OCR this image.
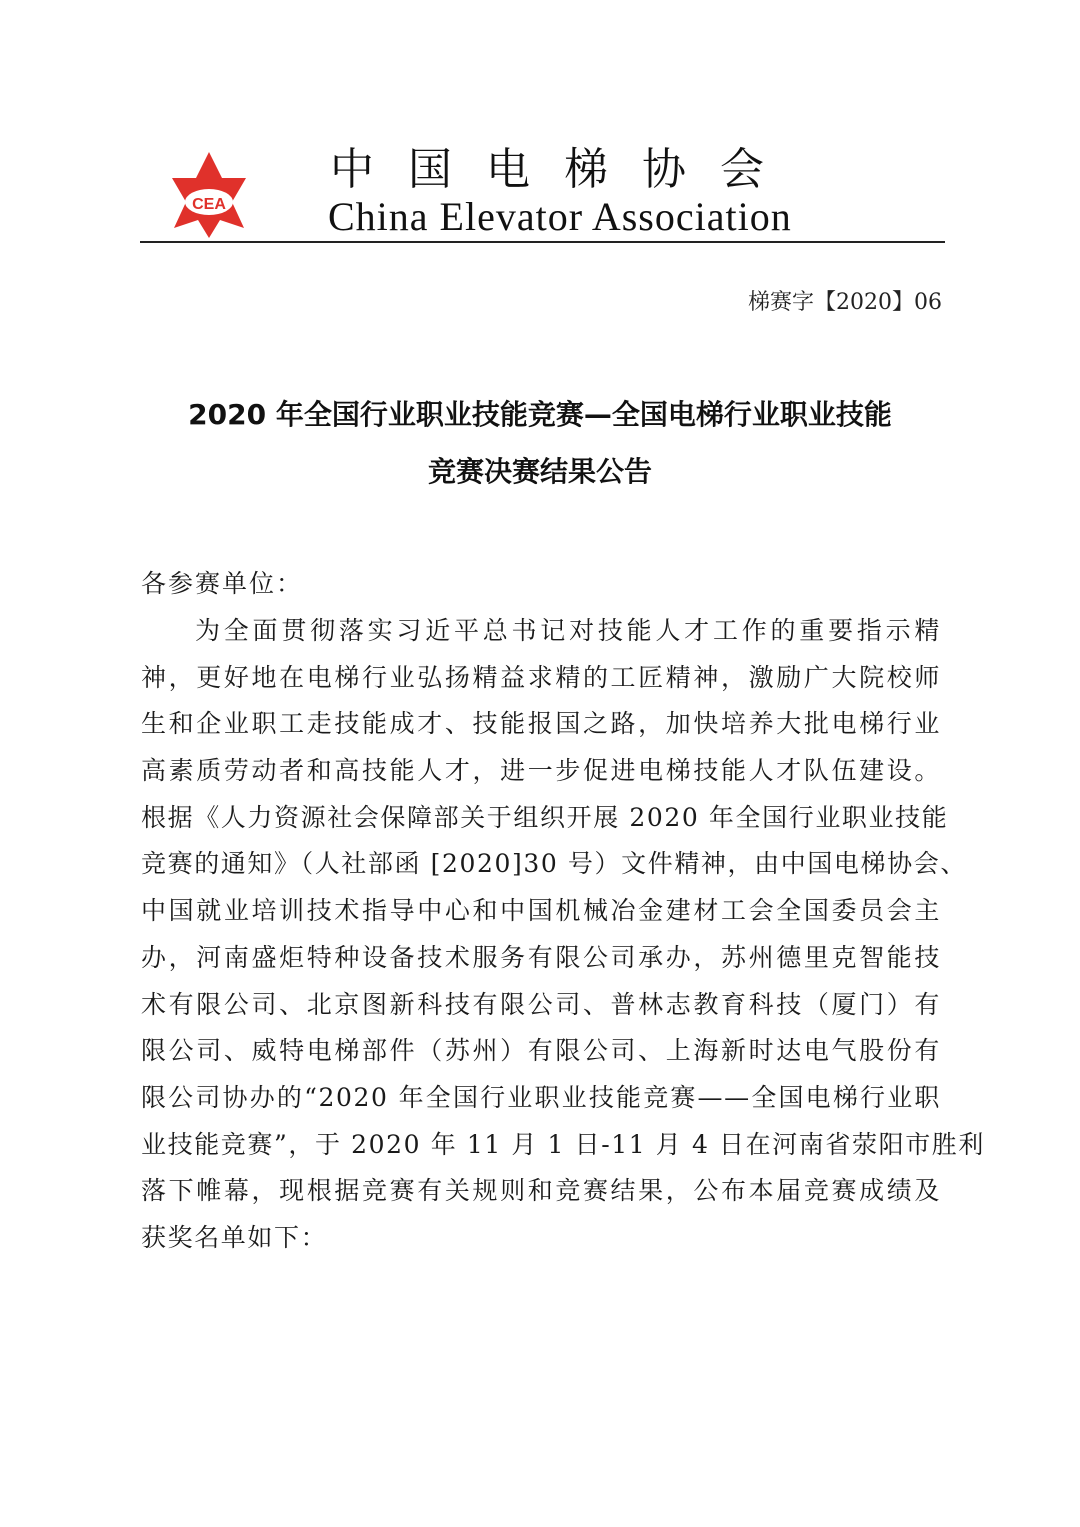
CEA
中国电梯协会
China Elevator Association
梯赛字【2020】06
2020 年全国行业职业技能竞赛—全国电梯行业职业技能
竞赛决赛结果公告
各参赛单位：
为全面贯彻落实习近平总书记对技能人才工作的重要指示精
神，更好地在电梯行业弘扬精益求精的工匠精神，激励广大院校师
生和企业职工走技能成才、技能报国之路，加快培养大批电梯行业
高素质劳动者和高技能人才，进一步促进电梯技能人才队伍建设。
根据《人力资源社会保障部关于组织开展 2020 年全国行业职业技能
竞赛的通知》（人社部函 [2020]30 号）文件精神，由中国电梯协会、
中国就业培训技术指导中心和中国机械冶金建材工会全国委员会主
办，河南盛炬特种设备技术服务有限公司承办，苏州德里克智能技
术有限公司、北京图新科技有限公司、普林志教育科技（厦门）有
限公司、威特电梯部件（苏州）有限公司、上海新时达电气股份有
限公司协办的“2020 年全国行业职业技能竞赛——全国电梯行业职
业技能竞赛”，于 2020 年 11 月 1 日-11 月 4 日在河南省荥阳市胜利
落下帷幕，现根据竞赛有关规则和竞赛结果，公布本届竞赛成绩及
获奖名单如下：
